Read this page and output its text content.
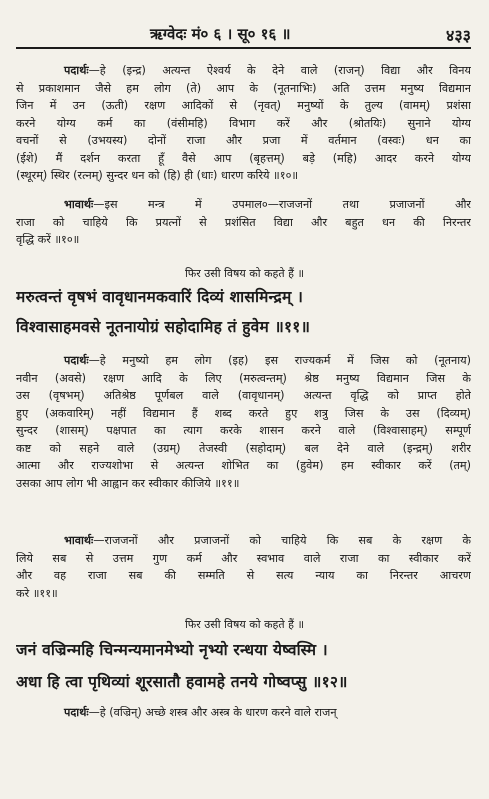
ऋग्वेदः मं० ६ । सू० १६ ॥	४३३
पदार्थः—हे (इन्द्र) अत्यन्त ऐश्वर्य के देने वाले (राजन्) विद्या और विनय
से प्रकाशमान जैसे हम लोग (ते) आप के (नूतनाभिः) अति उत्तम मनुष्य विद्यमान
जिन में उन (ऊती) रक्षण आदिकों से (नृवत्) मनुष्यों के तुल्य (वामम्) प्रशंसा
करने योग्य कर्म का (वंसीमहि) विभाग करें और (श्रोतयिः) सुनाने योग्य
वचनों से (उभयस्य) दोनों राजा और प्रजा में वर्तमान (वस्वः) धन का
(ईशे) मैं दर्शन करता हूँ वैसे आप (बृहत्तम्) बड़े (महि) आदर करने योग्य
(स्थूरम्) स्थिर (रत्नम्) सुन्दर धन को (हि) ही (धाः) धारण करिये ॥१०॥
भावार्थः—इस मन्त्र में उपमाल०—राजजनों तथा प्रजाजनों और
राजा को चाहिये कि प्रयत्नों से प्रशंसित विद्या और बहुत धन की निरन्तर
वृद्धि करें ॥१०॥
फिर उसी विषय को कहते हैं ॥
मरुत्वन्तं वृषभं वावृधानमकवारिं दिव्यं शासमिन्द्रम् ।
विश्वासाहमवसे नूतनायोग्रं सहोदामिह तं हुवेम ॥११॥
पदार्थः—हे मनुष्यो हम लोग (इह) इस राज्यकर्म में जिस को (नूतनाय)
नवीन (अवसे) रक्षण आदि के लिए (मरुत्वन्तम्) श्रेष्ठ मनुष्य विद्यमान जिस के
उस (वृषभम्) अतिश्रेष्ठ पूर्णबल वाले (वावृधानम्) अत्यन्त वृद्धि को प्राप्त होते
हुए (अकवारिम्) नहीं विद्यमान हैं शब्द करते हुए शत्रु जिस के उस (दिव्यम्)
सुन्दर (शासम्) पक्षपात का त्याग करके शासन करने वाले (विश्वासाहम्) सम्पूर्ण
कष्ट को सहने वाले (उग्रम्) तेजस्वी (सहोदाम्) बल देने वाले (इन्द्रम्) शरीर
आत्मा और राज्यशोभा से अत्यन्त शोभित का (हुवेम) हम स्वीकार करें (तम्)
उसका आप लोग भी आह्वान कर स्वीकार कीजिये ॥११॥
भावार्थः—राजजनों और प्रजाजनों को चाहिये कि सब के रक्षण के
लिये सब से उत्तम गुण कर्म और स्वभाव वाले राजा का स्वीकार करें
और वह राजा सब की सम्मति से सत्य न्याय का निरन्तर आचरण
करे ॥११॥
फिर उसी विषय को कहते हैं ॥
जनं वज्रिन्महि चिन्मन्यमानमेभ्यो नृभ्यो रन्धया येष्वस्मि ।
अधा हि त्वा पृथिव्यां शूरसातौ हवामहे तनये गोष्वप्सु ॥१२॥
पदार्थः—हे (वज्रिन्) अच्छे शस्त्र और अस्त्र के धारण करने वाले राजन्
